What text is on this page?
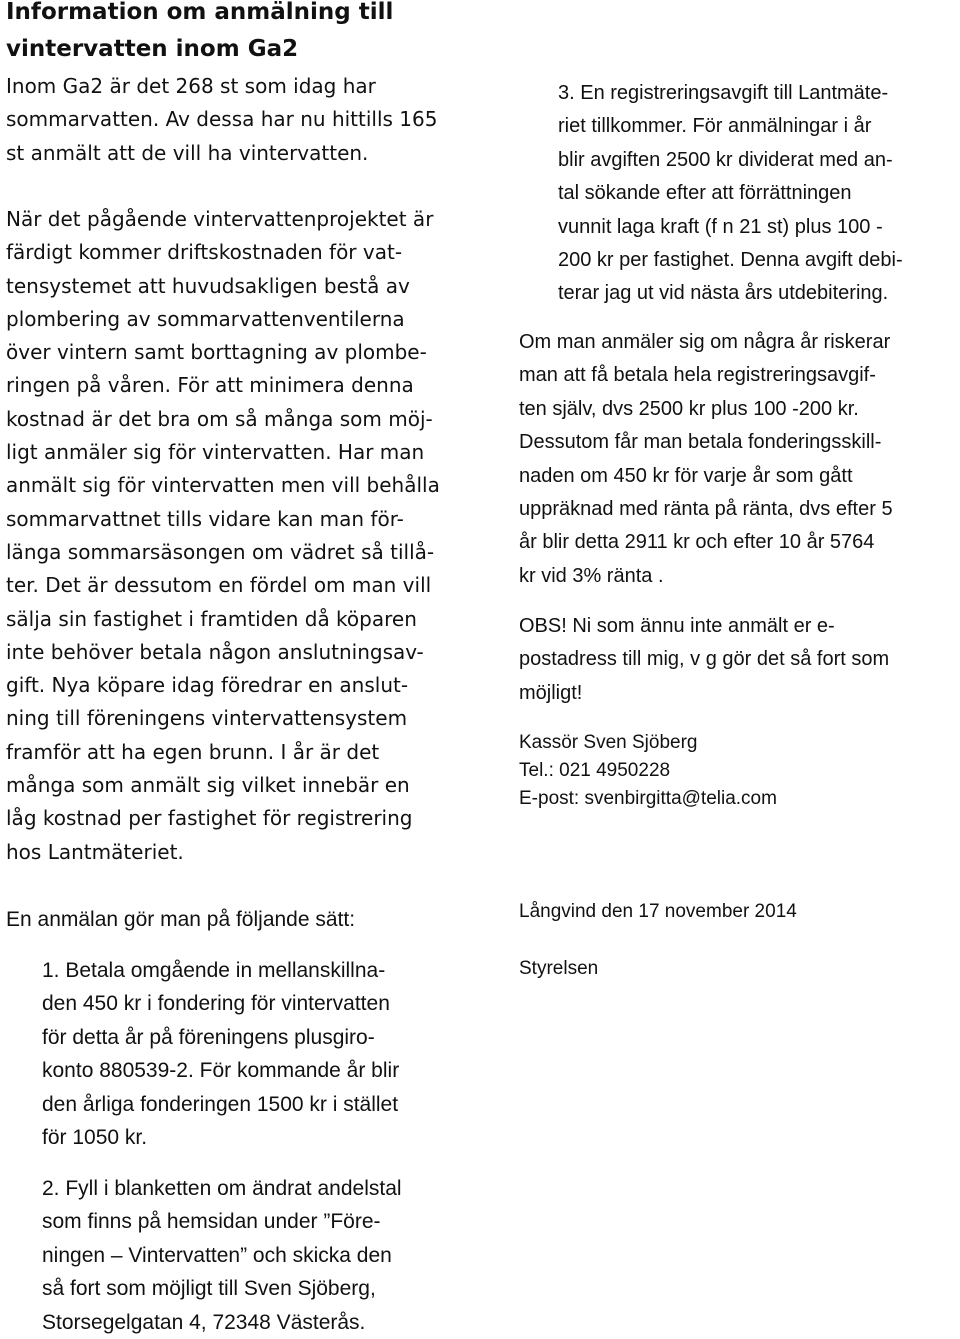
Information om anmälning till
vintervatten inom Ga2
Inom Ga2 är det 268 st som idag har
sommarvatten. Av dessa har nu hittills 165
st anmält att de vill ha vintervatten.
När det pågående vintervattenprojektet är
färdigt kommer driftskostnaden för vat-
tensystemet att huvudsakligen bestå av
plombering av sommarvattenventilerna
över vintern samt borttagning av plombe-
ringen på våren. För att minimera denna
kostnad är det bra om så många som möj-
ligt anmäler sig för vintervatten. Har man
anmält sig för vintervatten men vill behålla
sommarvattnet tills vidare kan man för-
länga sommarsäsongen om vädret så tillå-
ter. Det är dessutom en fördel om man vill
sälja sin fastighet i framtiden då köparen
inte behöver betala någon anslutningsav-
gift. Nya köpare idag föredrar en anslut-
ning till föreningens vintervattensystem
framför att ha egen brunn. I år är det
många som anmält sig vilket innebär en
låg kostnad per fastighet för registrering
hos Lantmäteriet.
En anmälan gör man på följande sätt:
1. Betala omgående in mellanskillna-
den 450 kr i fondering för vintervatten
för detta år på föreningens plusgiro-
konto 880539-2. För kommande år blir
den årliga fonderingen 1500 kr i stället
för 1050 kr.
2. Fyll i blanketten om ändrat andelstal
som finns på hemsidan under ”Före-
ningen – Vintervatten” och skicka den
så fort som möjligt till Sven Sjöberg,
Storsegelgatan 4, 72348 Västerås.
3. En registreringsavgift till Lantmäte-
riet tillkommer. För anmälningar i år
blir avgiften 2500 kr dividerat med an-
tal sökande efter att förrättningen
vunnit laga kraft (f n 21 st) plus 100 -
200 kr per fastighet. Denna avgift debi-
terar jag ut vid nästa års utdebitering.
Om man anmäler sig om några år riskerar
man att få betala hela registreringsavgif-
ten själv, dvs 2500 kr plus 100 -200 kr.
Dessutom får man betala fonderingsskill-
naden om 450 kr för varje år som gått
uppräknad med ränta på ränta, dvs efter 5
år blir detta 2911 kr och efter 10 år 5764
kr vid 3% ränta .
OBS! Ni som ännu inte anmält er e-
postadress till mig, v g gör det så fort som
möjligt!
Kassör Sven Sjöberg
Tel.: 021 4950228
E-post: svenbirgitta@telia.com
Långvind den 17 november 2014
Styrelsen
